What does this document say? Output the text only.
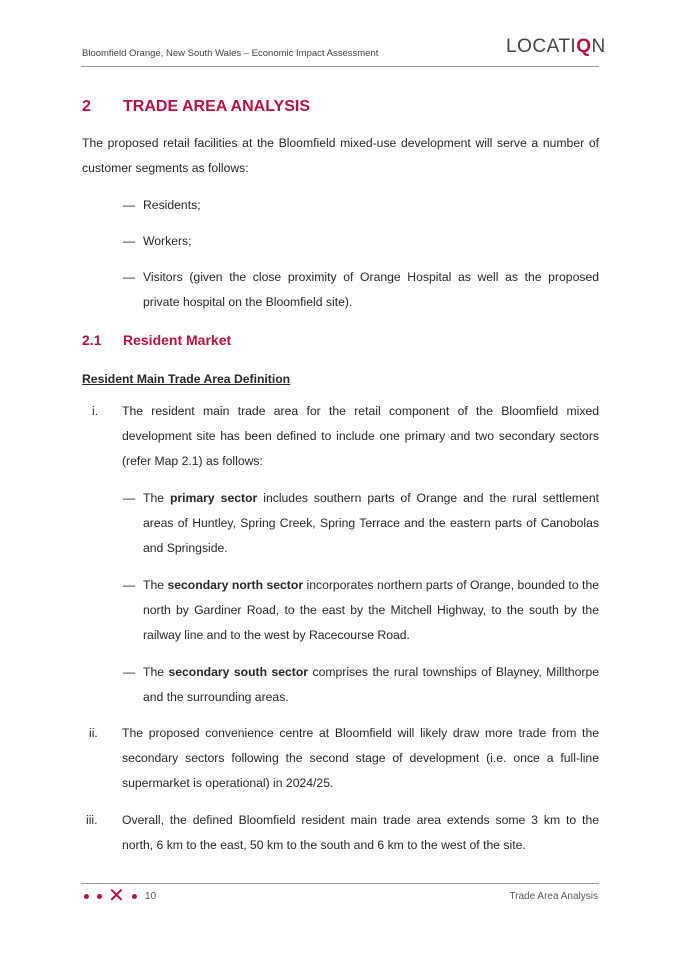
Bloomfield Orange, New South Wales – Economic Impact Assessment	LOCATIQN
2 TRADE AREA ANALYSIS
The proposed retail facilities at the Bloomfield mixed-use development will serve a number of customer segments as follows:
— Residents;
— Workers;
— Visitors (given the close proximity of Orange Hospital as well as the proposed private hospital on the Bloomfield site).
2.1 Resident Market
Resident Main Trade Area Definition
i. The resident main trade area for the retail component of the Bloomfield mixed development site has been defined to include one primary and two secondary sectors (refer Map 2.1) as follows:
— The primary sector includes southern parts of Orange and the rural settlement areas of Huntley, Spring Creek, Spring Terrace and the eastern parts of Canobolas and Springside.
— The secondary north sector incorporates northern parts of Orange, bounded to the north by Gardiner Road, to the east by the Mitchell Highway, to the south by the railway line and to the west by Racecourse Road.
— The secondary south sector comprises the rural townships of Blayney, Millthorpe and the surrounding areas.
ii. The proposed convenience centre at Bloomfield will likely draw more trade from the secondary sectors following the second stage of development (i.e. once a full-line supermarket is operational) in 2024/25.
iii. Overall, the defined Bloomfield resident main trade area extends some 3 km to the north, 6 km to the east, 50 km to the south and 6 km to the west of the site.
✕ 10	Trade Area Analysis
